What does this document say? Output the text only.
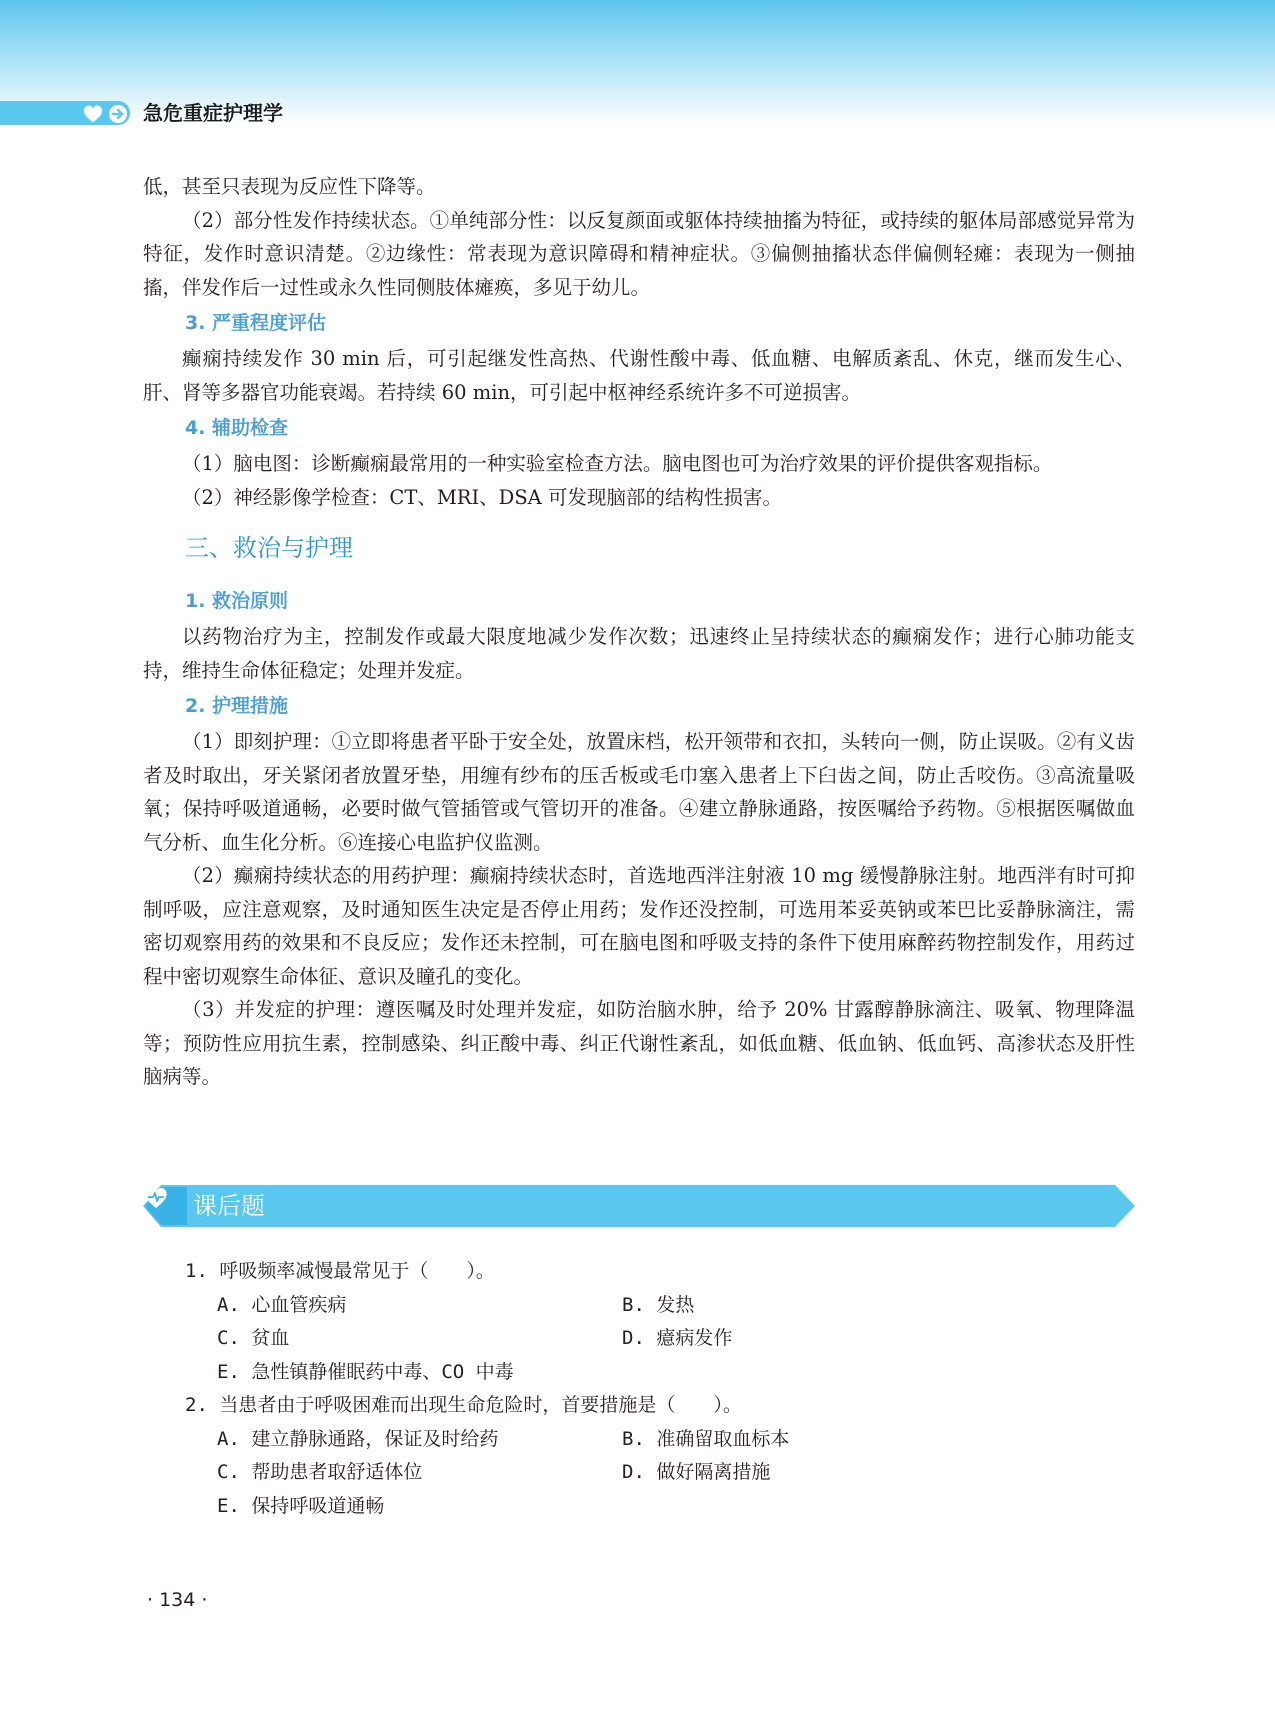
急危重症护理学

低，甚至只表现为反应性下降等。

（2）部分性发作持续状态。①单纯部分性：以反复颜面或躯体持续抽搐为特征，或持续的躯体局部感觉异常为特征，发作时意识清楚。②边缘性：常表现为意识障碍和精神症状。③偏侧抽搐状态伴偏侧轻瘫：表现为一侧抽搐，伴发作后一过性或永久性同侧肢体瘫痪，多见于幼儿。

3. 严重程度评估

癫痫持续发作 30 min 后，可引起继发性高热、代谢性酸中毒、低血糖、电解质紊乱、休克，继而发生心、肝、肾等多器官功能衰竭。若持续 60 min，可引起中枢神经系统许多不可逆损害。

4. 辅助检查

（1）脑电图：诊断癫痫最常用的一种实验室检查方法。脑电图也可为治疗效果的评价提供客观指标。

（2）神经影像学检查：CT、MRI、DSA 可发现脑部的结构性损害。

三、救治与护理
1. 救治原则

以药物治疗为主，控制发作或最大限度地减少发作次数；迅速终止呈持续状态的癫痫发作；进行心肺功能支持，维持生命体征稳定；处理并发症。

2. 护理措施

（1）即刻护理：①立即将患者平卧于安全处，放置床档，松开领带和衣扣，头转向一侧，防止误吸。②有义齿者及时取出，牙关紧闭者放置牙垫，用缠有纱布的压舌板或毛巾塞入患者上下臼齿之间，防止舌咬伤。③高流量吸氧；保持呼吸道通畅，必要时做气管插管或气管切开的准备。④建立静脉通路，按医嘱给予药物。⑤根据医嘱做血气分析、血生化分析。⑥连接心电监护仪监测。

（2）癫痫持续状态的用药护理：癫痫持续状态时，首选地西泮注射液 10 mg 缓慢静脉注射。地西泮有时可抑制呼吸，应注意观察，及时通知医生决定是否停止用药；发作还没控制，可选用苯妥英钠或苯巴比妥静脉滴注，需密切观察用药的效果和不良反应；发作还未控制，可在脑电图和呼吸支持的条件下使用麻醉药物控制发作，用药过程中密切观察生命体征、意识及瞳孔的变化。

（3）并发症的护理：遵医嘱及时处理并发症，如防治脑水肿，给予 20% 甘露醇静脉滴注、吸氧、物理降温等；预防性应用抗生素，控制感染、纠正酸中毒、纠正代谢性紊乱，如低血糖、低血钠、低血钙、高渗状态及肝性脑病等。

课后题
1. 呼吸频率减慢最常见于（　　）。
A. 心血管疾病	B. 发热
C. 贫血	D. 癔病发作
E. 急性镇静催眠药中毒、CO 中毒
2. 当患者由于呼吸困难而出现生命危险时，首要措施是（　　）。
A. 建立静脉通路，保证及时给药	B. 准确留取血标本
C. 帮助患者取舒适体位	D. 做好隔离措施
E. 保持呼吸道通畅
· 134 ·
